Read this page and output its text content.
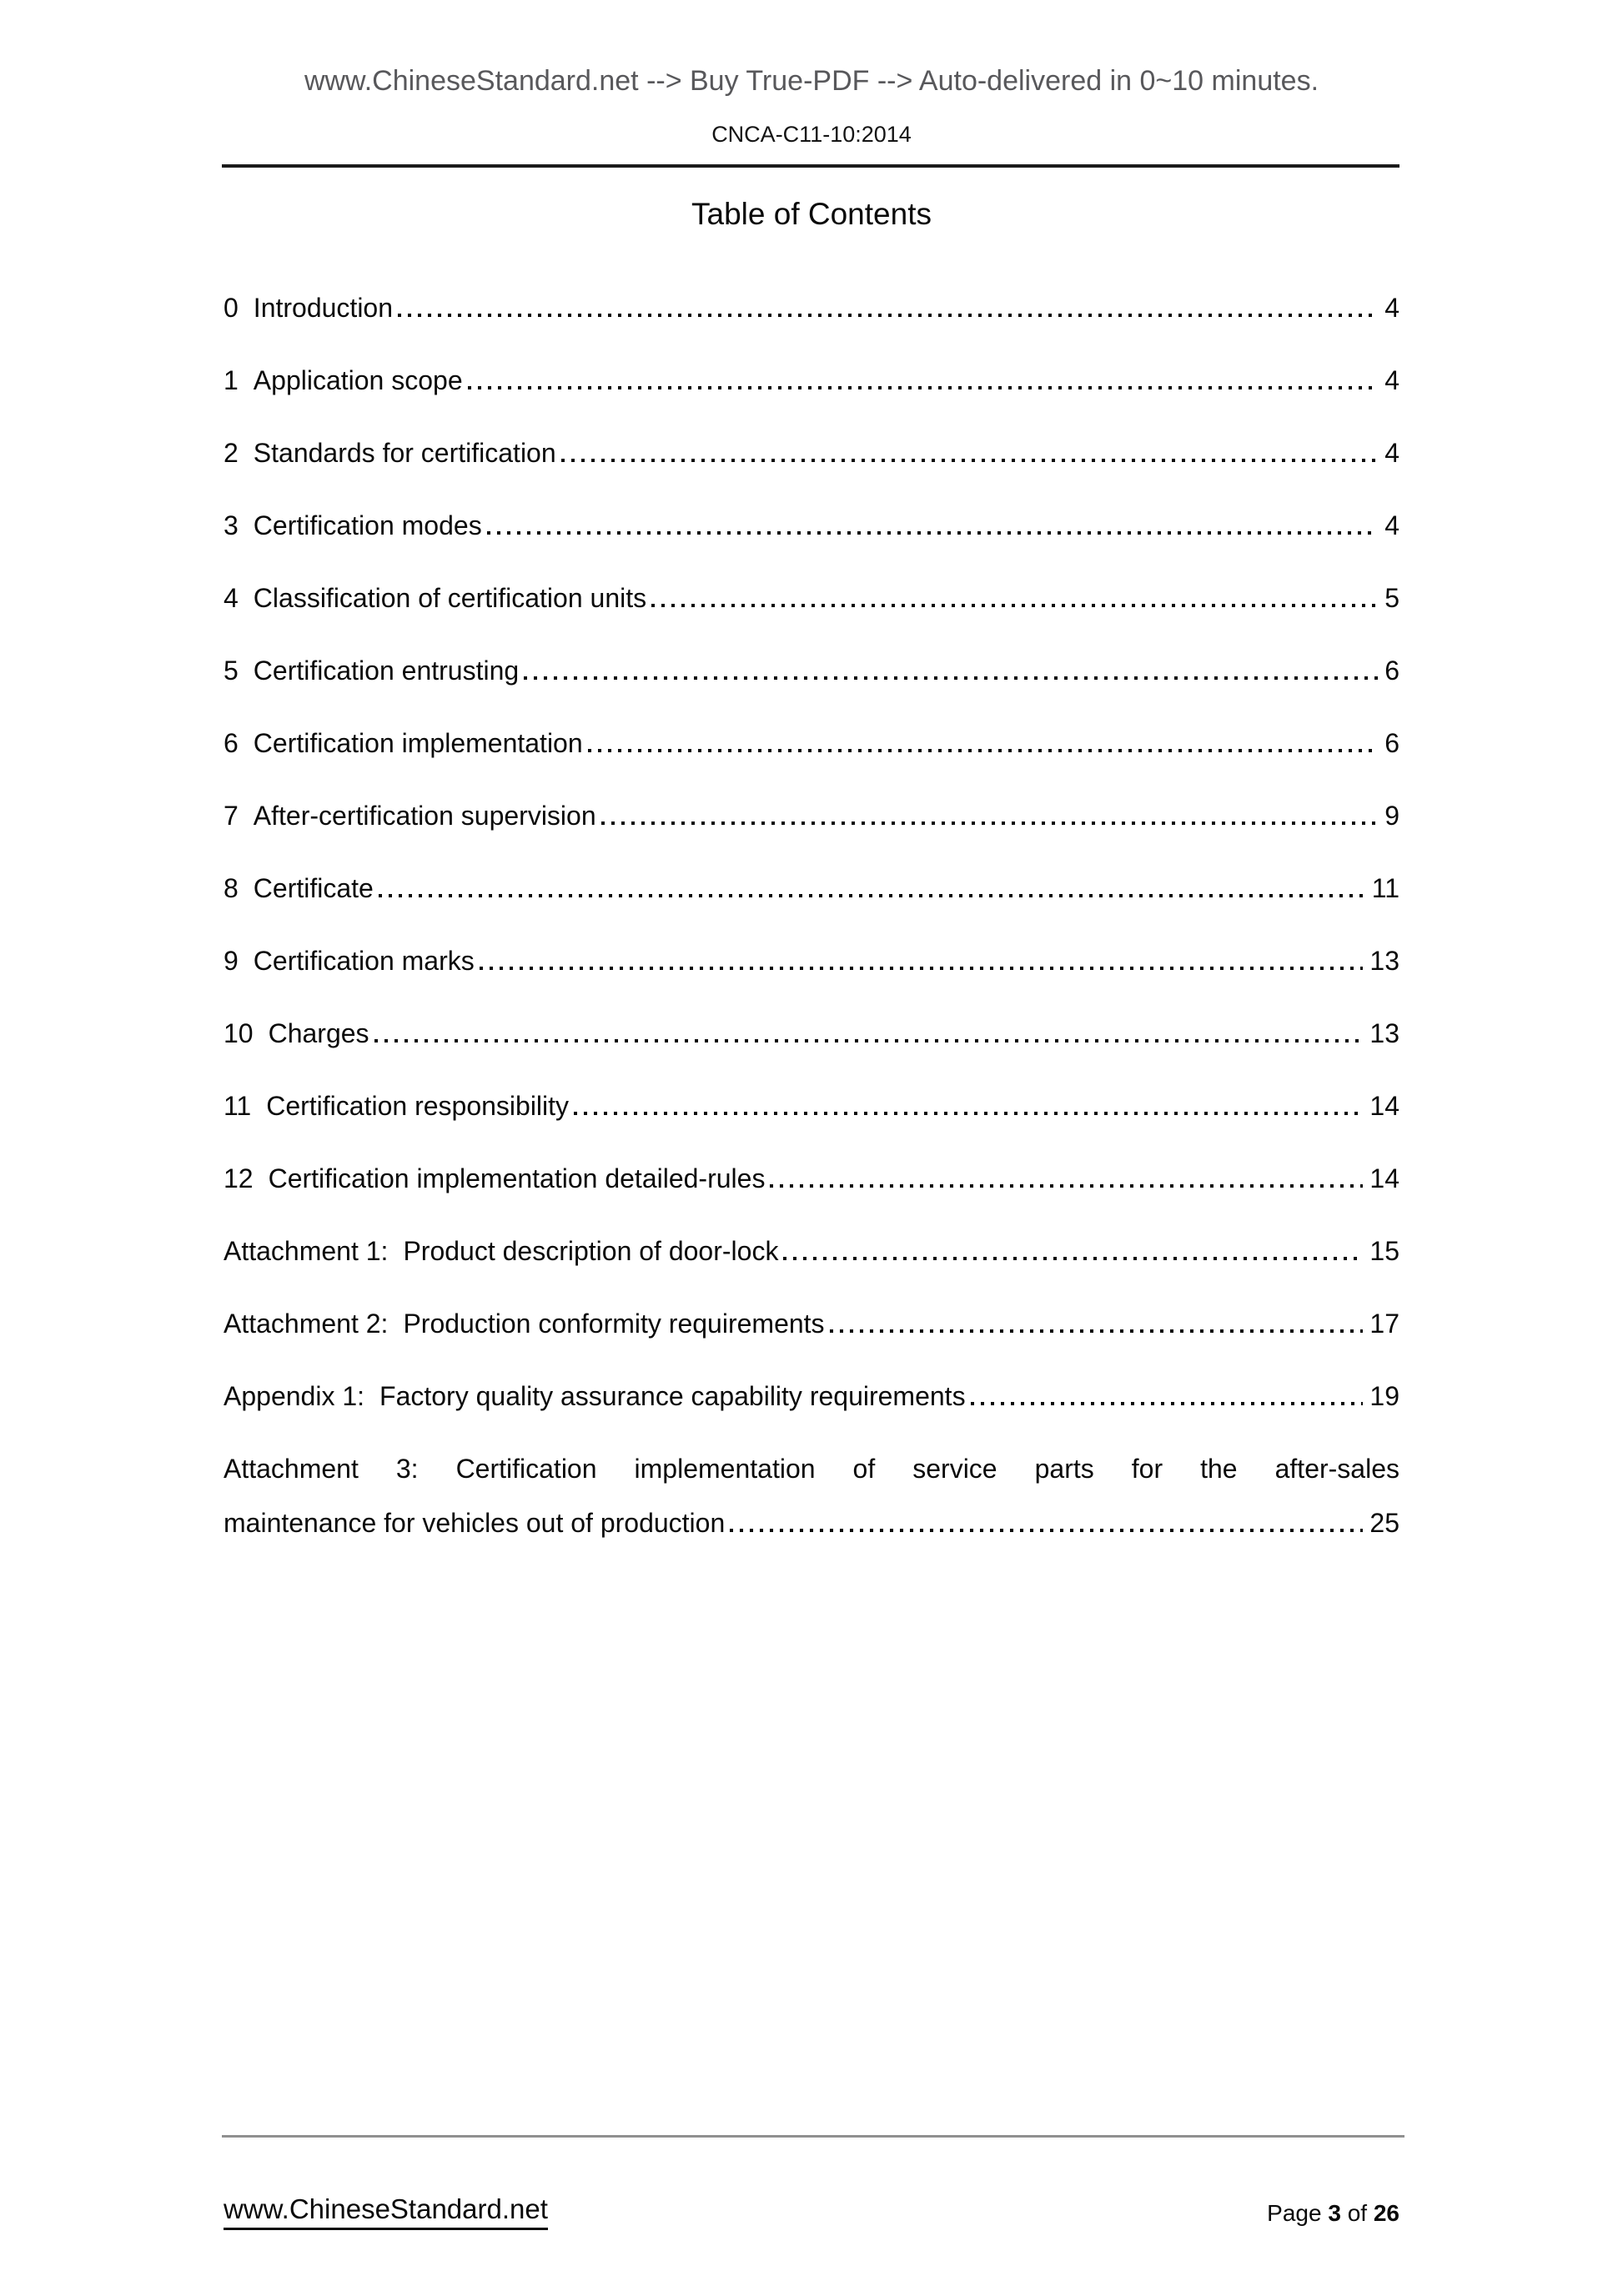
www.ChineseStandard.net --> Buy True-PDF --> Auto-delivered in 0~10 minutes.
CNCA-C11-10:2014
Table of Contents
0 Introduction	4
1 Application scope	4
2 Standards for certification	4
3 Certification modes	4
4 Classification of certification units	5
5 Certification entrusting	6
6 Certification implementation	6
7 After-certification supervision	9
8 Certificate	11
9 Certification marks	13
10 Charges	13
11 Certification responsibility	14
12 Certification implementation detailed-rules	14
Attachment 1: Product description of door-lock	15
Attachment 2: Production conformity requirements	17
Appendix 1: Factory quality assurance capability requirements	19
Attachment 3: Certification implementation of service parts for the after-sales
maintenance for vehicles out of production	25
www.ChineseStandard.net	Page 3 of 26
